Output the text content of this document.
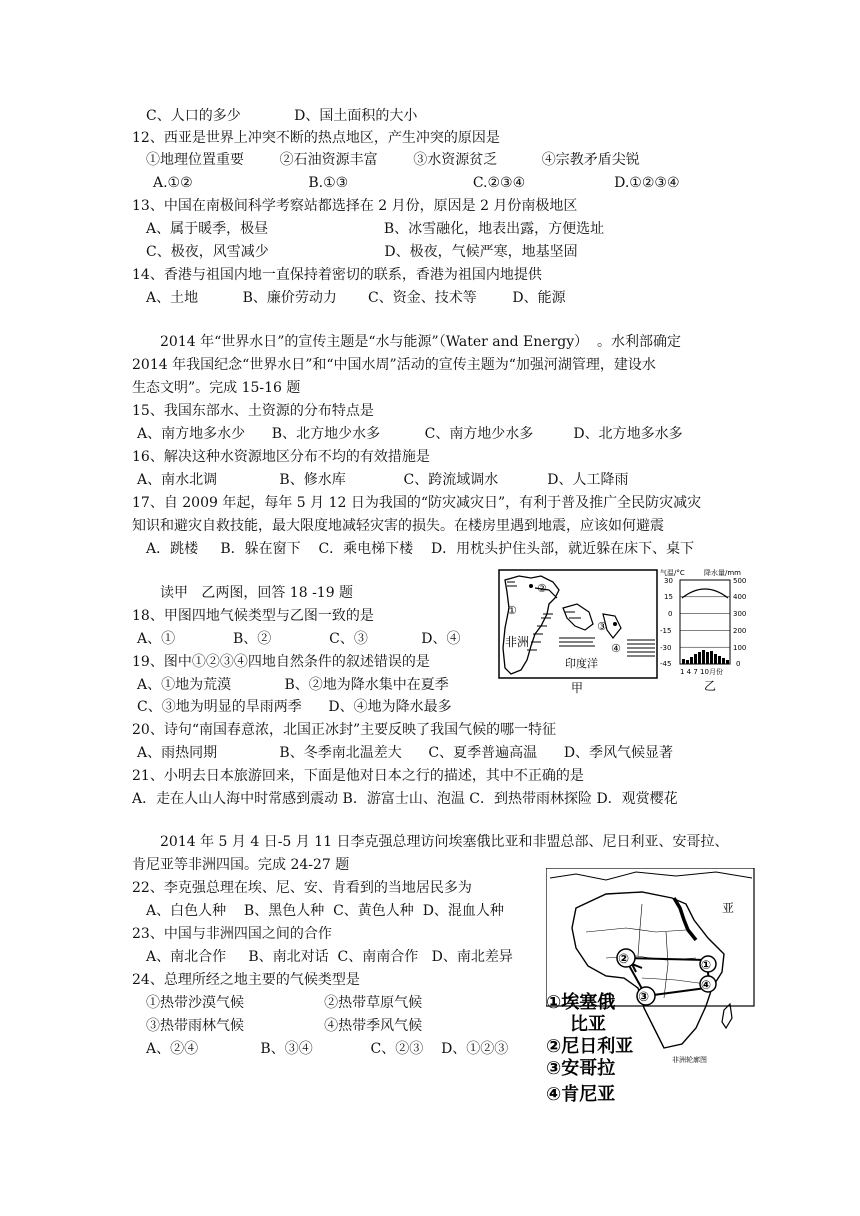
C、人口的多少            D、国土面积的大小
12、西亚是世界上冲突不断的热点地区，产生冲突的原因是
①地理位置重要        ②石油资源丰富        ③水资源贫乏          ④宗教矛盾尖锐
A.①②                          B.①③                            C.②③④                    D.①②③④
13、中国在南极间科学考察站都选择在 2 月份，原因是 2 月份南极地区
A、属于暖季，极昼                          B、冰雪融化，地表出露，方便选址
C、极夜，风雪减少                          D、极夜，气候严寒，地基坚固
14、香港与祖国内地一直保持着密切的联系，香港为祖国内地提供
A、土地          B、廉价劳动力       C、资金、技术等        D、能源
2014 年“世界水日”的宣传主题是“水与能源”（Water and Energy）  。水利部确定
2014 年我国纪念“世界水日”和“中国水周”活动的宣传主题为“加强河湖管理，建设水
生态文明”。完成 15-16 题
15、我国东部水、土资源的分布特点是
A、南方地多水少      B、北方地少水多          C、南方地少水多         D、北方地多水多
16、解决这种水资源地区分布不均的有效措施是
A、南水北调              B、修水库             C、跨流域调水           D、人工降雨
17、自 2009 年起，每年 5 月 12 日为我国的“防灾减灾日”，有利于普及推广全民防灾减灾
知识和避灾自救技能，最大限度地减轻灾害的损失。在楼房里遇到地震，应该如何避震
A．跳楼     B．躲在窗下    C．乘电梯下楼    D．用枕头护住头部，就近躲在床下、桌下
读甲   乙两图，回答 18 -19 题
18、甲图四地气候类型与乙图一致的是
A、①             B、②             C、③            D、④
19、图中①②③④四地自然条件的叙述错误的是
A、①地为荒漠            B、②地为降水集中在夏季
C、③地为明显的旱雨两季      D、④地为降水最多
20、诗句“南国春意浓，北国正冰封”主要反映了我国气候的哪一特征
A、雨热同期              B、冬季南北温差大      C、夏季普遍高温      D、季风气候显著
21、小明去日本旅游回来，下面是他对日本之行的描述，其中不正确的是
A．走在人山人海中时常感到震动 B．游富士山、泡温 C．到热带雨林探险 D．观赏樱花
2014 年 5 月 4 日-5 月 11 日李克强总理访问埃塞俄比亚和非盟总部、尼日利亚、安哥拉、
肯尼亚等非洲四国。完成 24-27 题
22、李克强总理在埃、尼、安、肯看到的当地居民多为
A、白色人种    B、黑色人种  C、黄色人种  D、混血人种
23、中国与非洲四国之间的合作
A、南北合作     B、南北对话  C、南南合作   D、南北差异
24、总理所经之地主要的气候类型是
①热带沙漠气候                  ②热带草原气候
③热带雨林气候                  ④热带季风气候
A、②④              B、③④             C、②③    D、①②③
②
①
③
④
非洲
印度洋
甲
气温/°C	降水量/mm
30
15
0
-15
-30
-45
500
400
300
200
100
0
1 4 7 10月份
乙
亚
②
③
①
④
①埃塞俄
比亚
②尼日利亚
③安哥拉
④肯尼亚
非洲轮廓图
